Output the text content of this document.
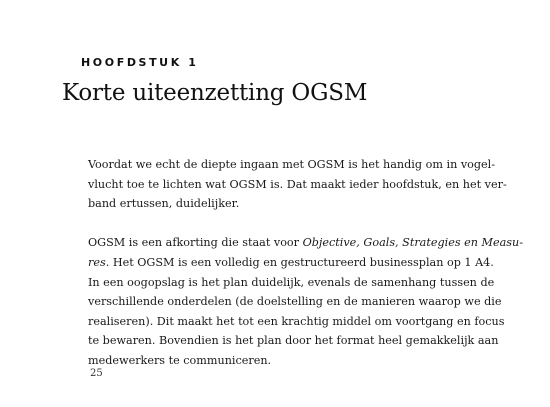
HOOFDSTUK 1
Korte uiteenzetting OGSM

Voordat we echt de diepte ingaan met OGSM is het handig om in vogel-
vlucht toe te lichten wat OGSM is. Dat maakt ieder hoofdstuk, en het ver-
band ertussen, duidelijker.

OGSM is een afkorting die staat voor Objective, Goals, Strategies en Measu-
res. Het OGSM is een volledig en gestructureerd businessplan op 1 A4.
In een oogopslag is het plan duidelijk, evenals de samenhang tussen de
verschillende onderdelen (de doelstelling en de manieren waarop we die
realiseren). Dit maakt het tot een krachtig middel om voortgang en focus
te bewaren. Bovendien is het plan door het format heel gemakkelijk aan
medewerkers te communiceren.

25
